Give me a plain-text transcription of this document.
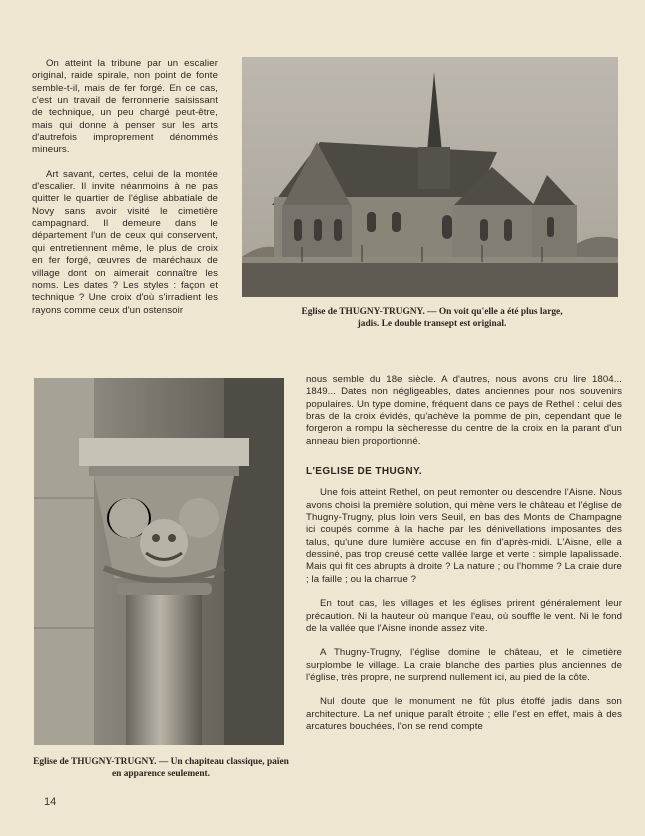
On atteint la tribune par un escalier original, raide spirale, non point de fonte semble-t-il, mais de fer forgé. En ce cas, c'est un travail de ferronnerie saisissant de technique, un peu chargé peut-être, mais qui donne à penser sur les arts d'autrefois improprement dénommés mineurs.

Art savant, certes, celui de la montée d'escalier. Il invite néanmoins à ne pas quitter le quartier de l'église abbatiale de Novy sans avoir visité le cimetière campagnard. Il demeure dans le département l'un de ceux qui conservent, qui entretiennent même, le plus de croix en fer forgé, œuvres de maréchaux de village dont on aimerait connaître les noms. Les dates ? Les styles : façon et technique ? Une croix d'où s'irradient les rayons comme ceux d'un ostensoir	Eglise de THUGNY-TRUGNY. — On voit qu'elle a été plus large, jadis. Le double transept est original.
Eglise de THUGNY-TRUGNY. — Un chapiteau classique, païen en apparence seulement.

nous semble du 18e siècle. A d'autres, nous avons cru lire 1804... 1849... Dates non négligeables, dates anciennes pour nos souvenirs populaires. Un type domine, fréquent dans ce pays de Rethel : celui des bras de la croix évidés, qu'achève la pomme de pin, cependant que le forgeron a rompu la sècheresse du centre de la croix en la parant d'un anneau bien proportionné.

L'EGLISE DE THUGNY.

Une fois atteint Rethel, on peut remonter ou descendre l'Aisne. Nous avons choisi la première solution, qui mène vers le château et l'église de Thugny-Trugny, plus loin vers Seuil, en bas des Monts de Champagne ici coupés comme à la hache par les dénivellations imposantes des talus, qu'une dure lumière accuse en fin d'après-midi. L'Aisne, elle a dessiné, pas trop creusé cette vallée large et verte : simple lapalissade. Mais qui fit ces abrupts à droite ? La nature ; ou l'homme ? La craie dure ; la faille ; ou la charrue ?

En tout cas, les villages et les églises prirent généralement leur précaution. Ni la hauteur où manque l'eau, où souffle le vent. Ni le fond de la vallée que l'Aisne inonde assez vite.

A Thugny-Trugny, l'église domine le château, et le cimetière surplombe le village. La craie blanche des parties plus anciennes de l'église, très propre, ne surprend nullement ici, au pied de la côte.

Nul doute que le monument ne fût plus étoffé jadis dans son architecture. La nef unique paraît étroite ; elle l'est en effet, mais à des arcatures bouchées, l'on se rend compte

14
